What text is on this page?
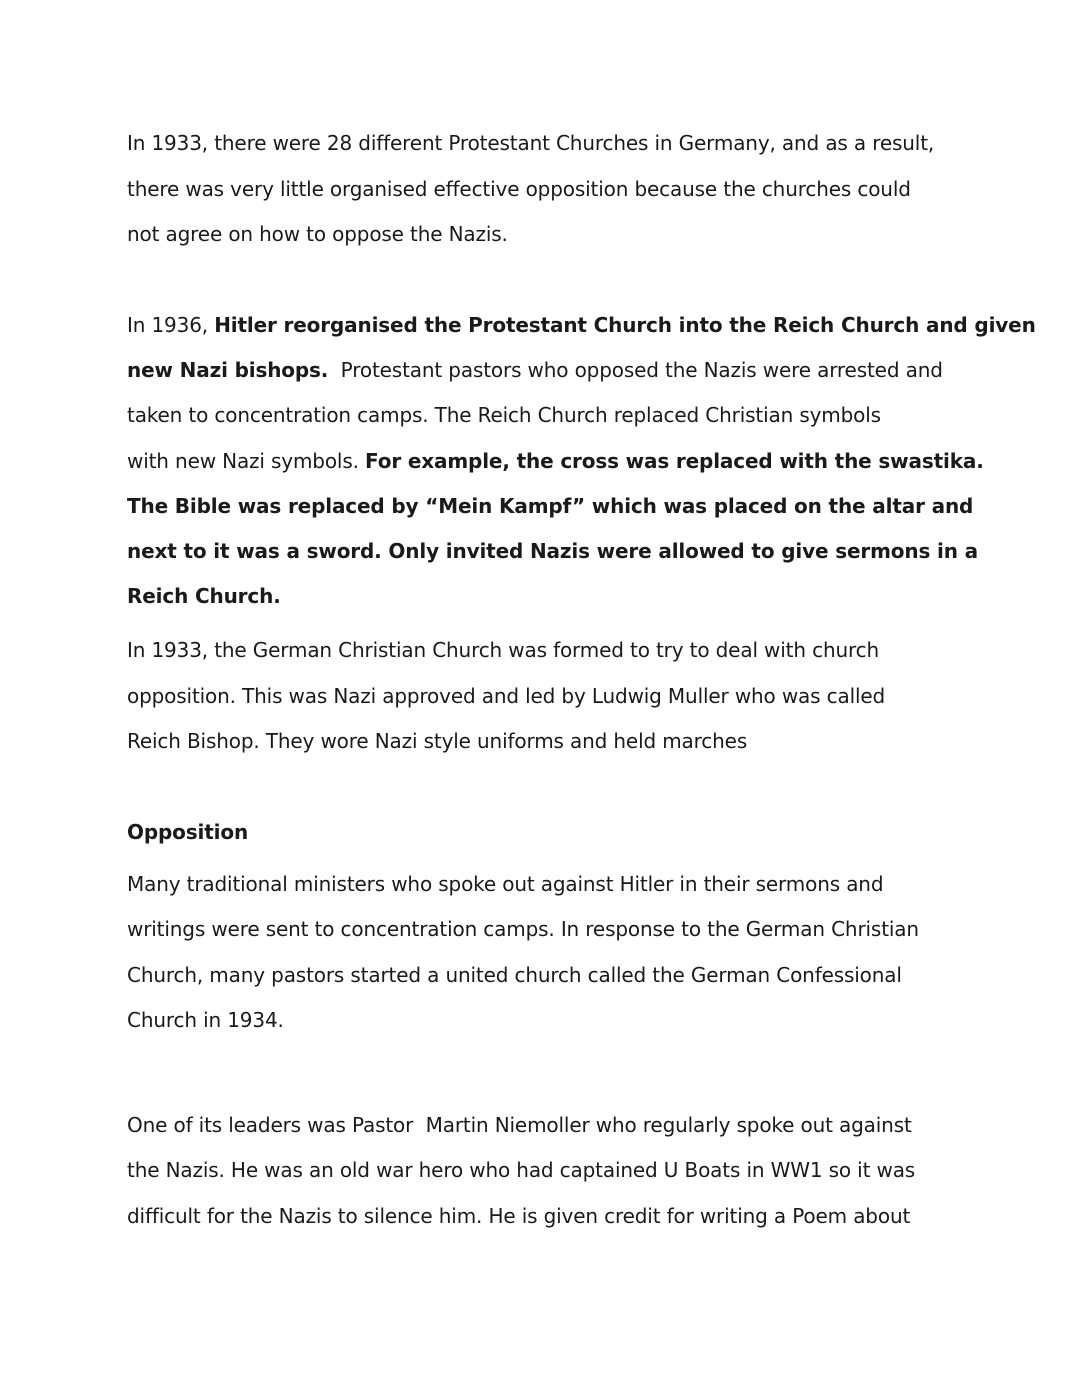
In 1933, there were 28 different Protestant Churches in Germany, and as a result,
there was very little organised effective opposition because the churches could
not agree on how to oppose the Nazis.
In 1936, Hitler reorganised the Protestant Church into the Reich Church and given
new Nazi bishops.  Protestant pastors who opposed the Nazis were arrested and
taken to concentration camps. The Reich Church replaced Christian symbols
with new Nazi symbols. For example, the cross was replaced with the swastika.
The Bible was replaced by “Mein Kampf” which was placed on the altar and
next to it was a sword. Only invited Nazis were allowed to give sermons in a
Reich Church.
In 1933, the German Christian Church was formed to try to deal with church
opposition. This was Nazi approved and led by Ludwig Muller who was called
Reich Bishop. They wore Nazi style uniforms and held marches
Opposition
Many traditional ministers who spoke out against Hitler in their sermons and
writings were sent to concentration camps. In response to the German Christian
Church, many pastors started a united church called the German Confessional
Church in 1934.
One of its leaders was Pastor  Martin Niemoller who regularly spoke out against
the Nazis. He was an old war hero who had captained U Boats in WW1 so it was
difficult for the Nazis to silence him. He is given credit for writing a Poem about
